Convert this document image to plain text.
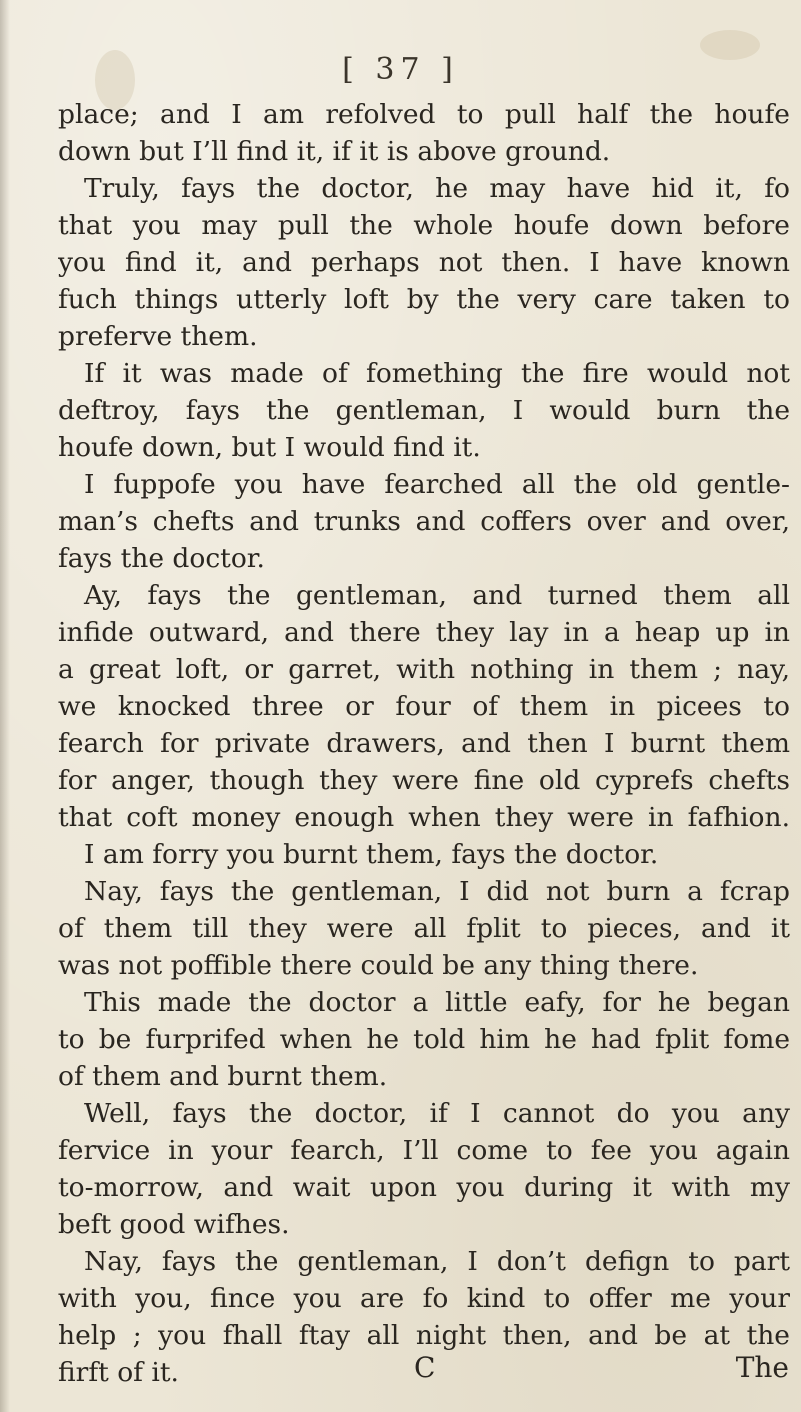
[ 37 ]
place; and I am refolved to pull half the houfe
down but I’ll find it, if it is above ground.
Truly, fays the doctor, he may have hid it, fo
that you may pull the whole houfe down before
you find it, and perhaps not then. I have known
fuch things utterly loft by the very care taken to
preferve them.
If it was made of fomething the fire would not
deftroy, fays the gentleman, I would burn the
houfe down, but I would find it.
I fuppofe you have fearched all the old gentle-
man’s chefts and trunks and coffers over and over,
fays the doctor.
Ay, fays the gentleman, and turned them all
infide outward, and there they lay in a heap up in
a great loft, or garret, with nothing in them ; nay,
we knocked three or four of them in picees to
fearch for private drawers, and then I burnt them
for anger, though they were fine old cyprefs chefts
that coft money enough when they were in fafhion.
I am forry you burnt them, fays the doctor.
Nay, fays the gentleman, I did not burn a fcrap
of them till they were all fplit to pieces, and it
was not poffible there could be any thing there.
This made the doctor a little eafy, for he began
to be furprifed when he told him he had fplit fome
of them and burnt them.
Well, fays the doctor, if I cannot do you any
fervice in your fearch, I’ll come to fee you again
to-morrow, and wait upon you during it with my
beft good wifhes.
Nay, fays the gentleman, I don’t defign to part
with you, fince you are fo kind to offer me your
help ; you fhall ftay all night then, and be at the
firft of it.	C	The
